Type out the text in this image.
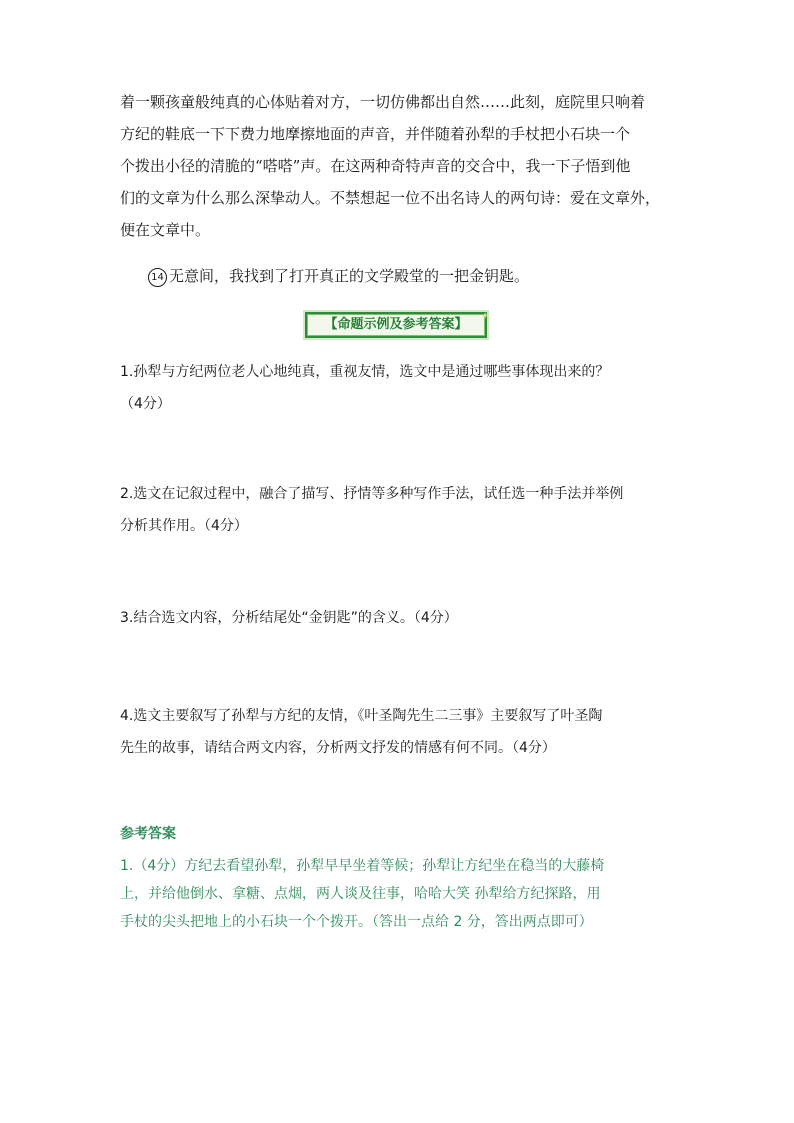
着一颗孩童般纯真的心体贴着对方，一切仿佛都出自然……此刻，庭院里只响着
方纪的鞋底一下下费力地摩擦地面的声音，并伴随着孙犁的手杖把小石块一个
个拨出小径的清脆的“嗒嗒”声。在这两种奇特声音的交合中，我一下子悟到他
们的文章为什么那么深挚动人。不禁想起一位不出名诗人的两句诗：爱在文章外，
便在文章中。
14 无意间，我找到了打开真正的文学殿堂的一把金钥匙。
【命题示例及参考答案】
✦
1.孙犁与方纪两位老人心地纯真，重视友情，选文中是通过哪些事体现出来的？
（4分）
2.选文在记叙过程中，融合了描写、抒情等多种写作手法，试任选一种手法并举例
分析其作用。（4分）
3.结合选文内容，分析结尾处“金钥匙”的含义。（4分）
4.选文主要叙写了孙犁与方纪的友情，《叶圣陶先生二三事》主要叙写了叶圣陶
先生的故事，请结合两文内容，分析两文抒发的情感有何不同。（4分）
参考答案
1.（4分）方纪去看望孙犁，孙犁早早坐着等候；孙犁让方纪坐在稳当的大藤椅
上，并给他倒水、拿糖、点烟，两人谈及往事，哈哈大笑 孙犁给方纪探路，用
手杖的尖头把地上的小石块一个个拨开。（答出一点给 2 分，答出两点即可）
